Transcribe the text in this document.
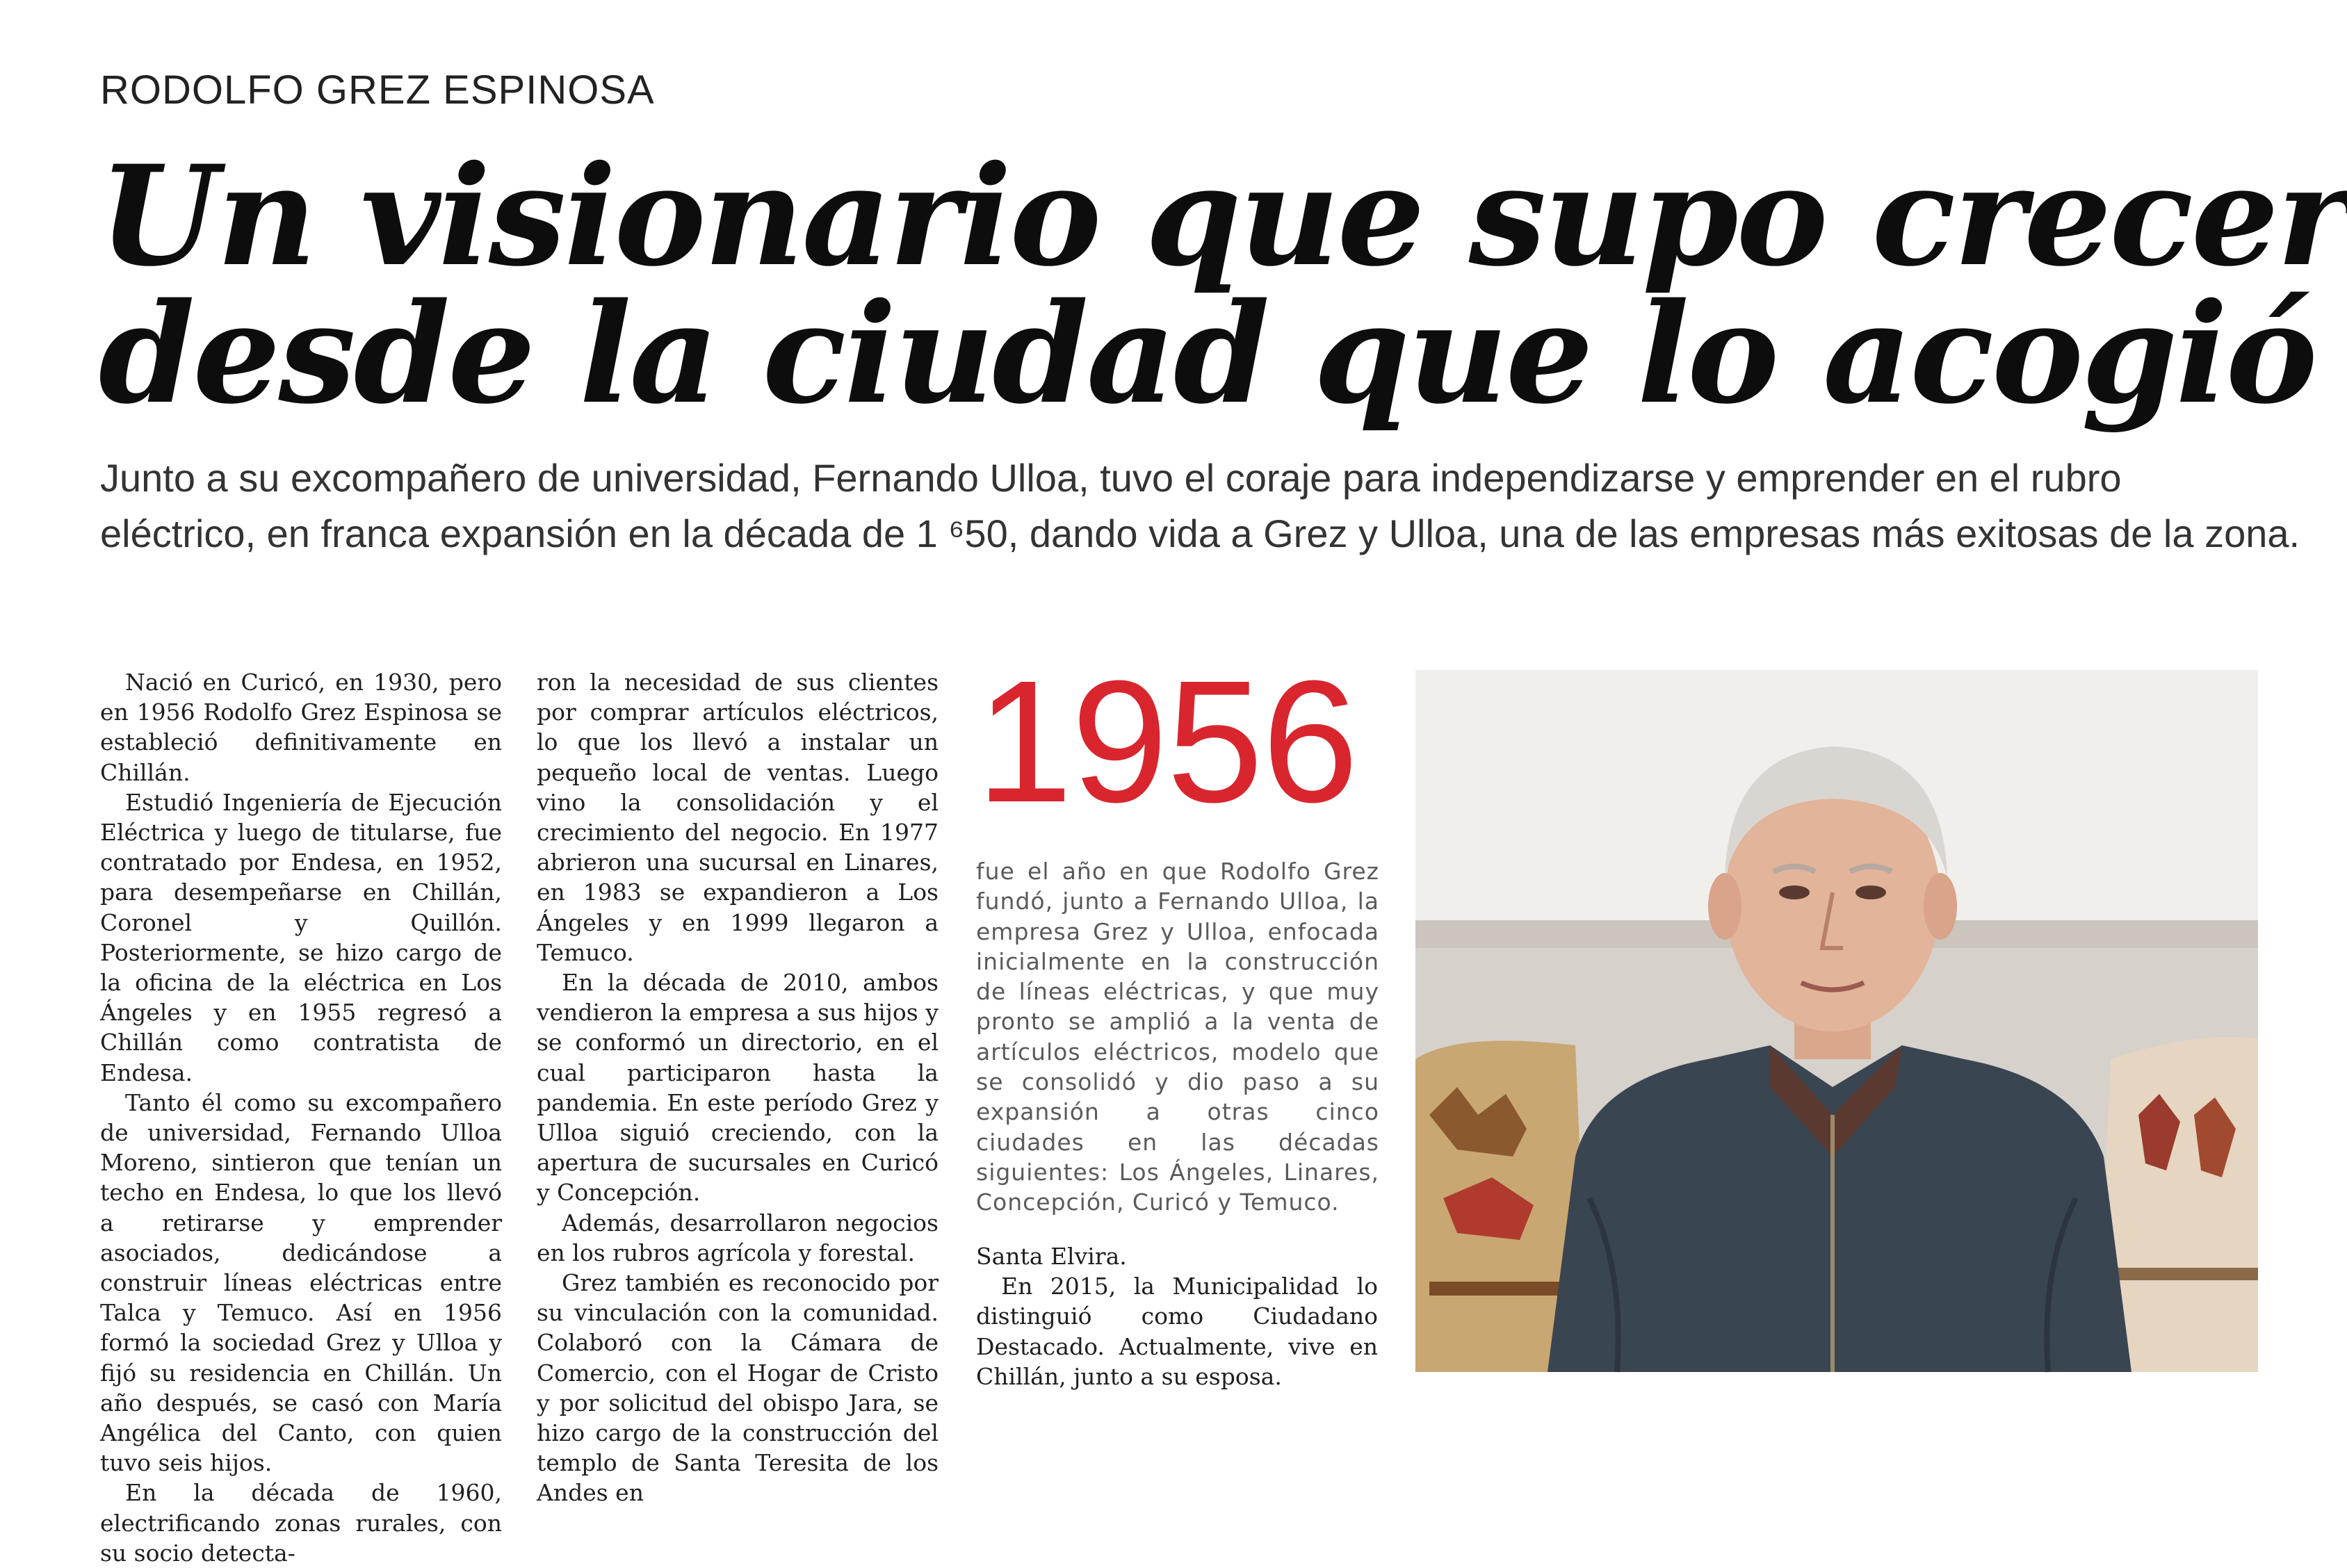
RODOLFO GREZ ESPINOSA
Un visionario que supo crecer
desde la ciudad que lo acogió
Junto a su excompañero de universidad, Fernando Ulloa, tuvo el coraje para independizarse y emprender en el rubro
eléctrico, en franca expansión en la década de 1 ⁶50, dando vida a Grez y Ulloa, una de las empresas más exitosas de la zona.

Nació en Curicó, en 1930, pero en 1956 Rodolfo Grez Espinosa se estableció definitivamente en Chillán.

Estudió Ingeniería de Ejecución Eléctrica y luego de titularse, fue contratado por Endesa, en 1952, para desempeñarse en Chillán, Coronel y Quillón. Posteriormente, se hizo cargo de la oficina de la eléctrica en Los Ángeles y en 1955 regresó a Chillán como contratista de Endesa.

Tanto él como su excompañero de universidad, Fernando Ulloa Moreno, sintieron que tenían un techo en Endesa, lo que los llevó a retirarse y emprender asociados, dedicándose a construir líneas eléctricas entre Talca y Temuco. Así en 1956 formó la sociedad Grez y Ulloa y fijó su residencia en Chillán. Un año después, se casó con María Angélica del Canto, con quien tuvo seis hijos.

En la década de 1960, electrificando zonas rurales, con su socio detecta-

ron la necesidad de sus clientes por comprar artículos eléctricos, lo que los llevó a instalar un pequeño local de ventas. Luego vino la consolidación y el crecimiento del negocio. En 1977 abrieron una sucursal en Linares, en 1983 se expandieron a Los Ángeles y en 1999 llegaron a Temuco.

En la década de 2010, ambos vendieron la empresa a sus hijos y se conformó un directorio, en el cual participaron hasta la pandemia. En este período Grez y Ulloa siguió creciendo, con la apertura de sucursales en Curicó y Concepción.

Además, desarrollaron negocios en los rubros agrícola y forestal.

Grez también es reconocido por su vinculación con la comunidad. Colaboró con la Cámara de Comercio, con el Hogar de Cristo y por solicitud del obispo Jara, se hizo cargo de la construcción del templo de Santa Teresita de los Andes en

1956
fue el año en que Rodolfo Grez fundó, junto a Fernando Ulloa, la empresa Grez y Ulloa, enfocada inicialmente en la construcción de líneas eléctricas, y que muy pronto se amplió a la venta de artículos eléctricos, modelo que se consolidó y dio paso a su expansión a otras cinco ciudades en las décadas siguientes: Los Ángeles, Linares, Concepción, Curicó y Temuco.

Santa Elvira.

En 2015, la Municipalidad lo distinguió como Ciudadano Destacado. Actualmente, vive en Chillán, junto a su esposa.
